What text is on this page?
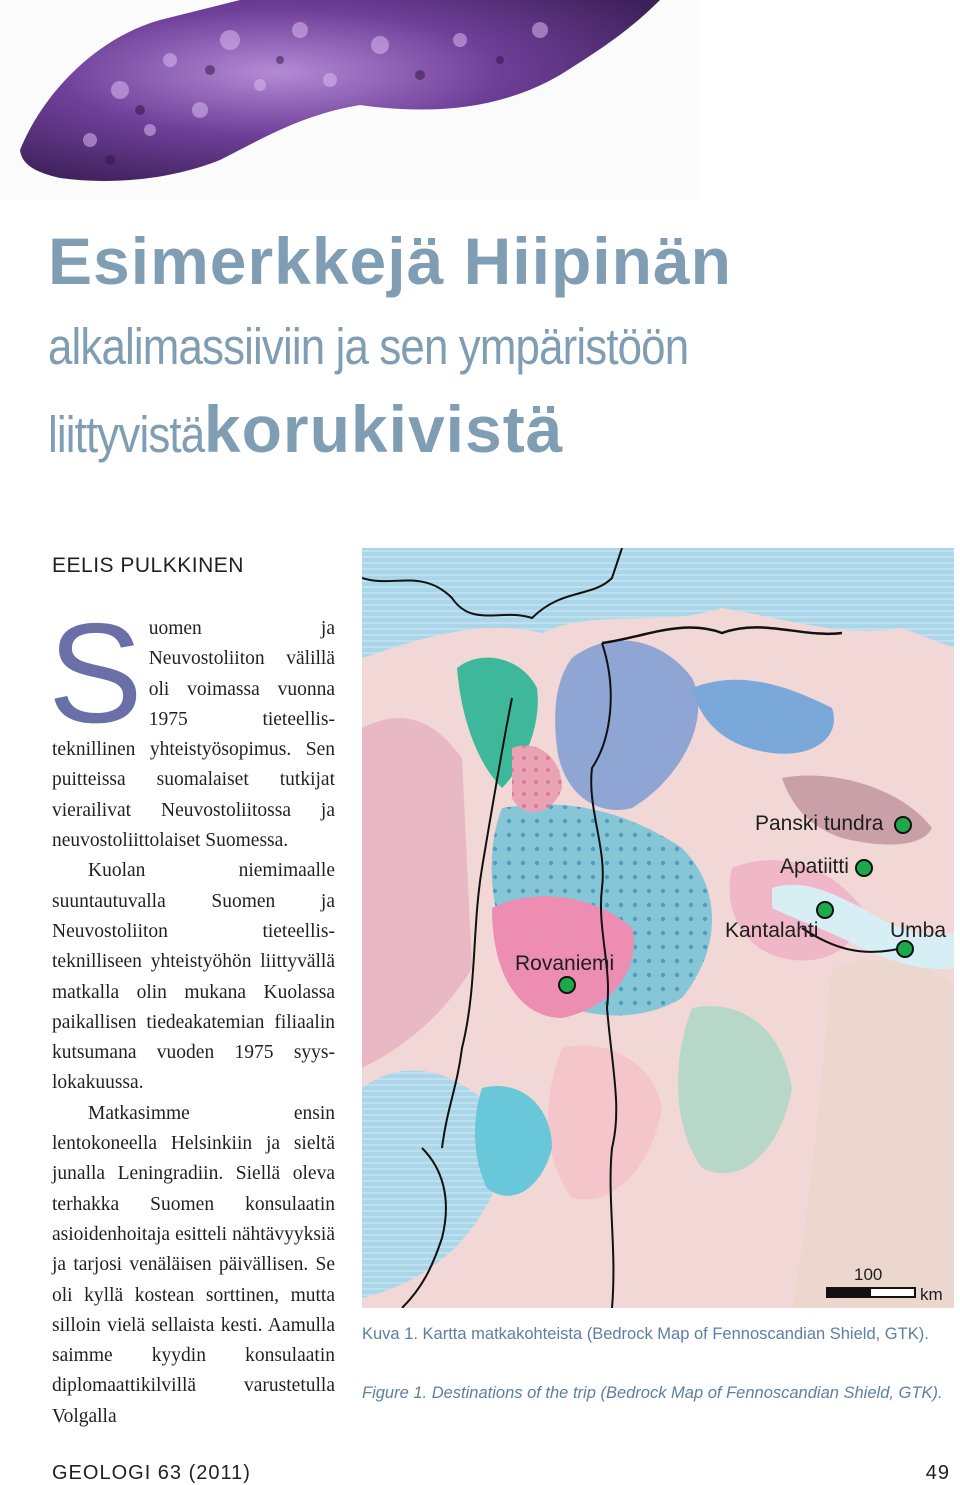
Esimerkkejä Hiipinän
alkalimassiiviin ja sen ympäristöön
liittyvistä korukivistä
EELIS PULKKINEN

Suomen ja Neuvostoliiton välillä oli voimassa vuonna 1975 tieteellis-teknillinen yhteistyösopimus. Sen puitteissa suomalaiset tutkijat vierailivat Neuvostoliitossa ja neuvostoliittolaiset Suomessa.

Kuolan niemimaalle suuntautuvalla Suomen ja Neuvostoliiton tieteellis-teknilliseen yhteistyöhön liittyvällä matkalla olin mukana Kuolassa paikallisen tiedeakatemian filiaalin kutsumana vuoden 1975 syys-lokakuussa.

Matkasimme ensin lentokoneella Helsinkiin ja sieltä junalla Leningradiin. Siellä oleva terhakka Suomen konsulaatin asioidenhoitaja esitteli nähtävyyksiä ja tarjosi venäläisen päivällisen. Se oli kyllä kostean sorttinen, mutta silloin vielä sellaista kesti. Aamulla saimme kyydin konsulaatin diplomaattikilvillä varustetulla Volgalla

Panski tundra
Apatiitti
Kantalahti	Umba
Rovaniemi
100
km
Kuva 1. Kartta matkakohteista (Bedrock Map of Fennoscandian Shield, GTK).
Figure 1. Destinations of the trip (Bedrock Map of Fennoscandian Shield, GTK).
GEOLOGI 63 (2011)	49
